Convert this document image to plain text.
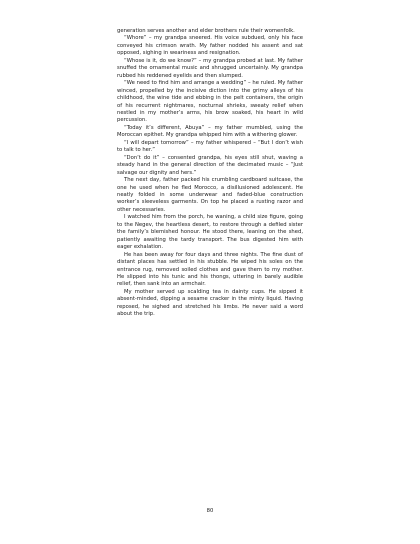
generation serves another and elder brothers rule their womenfolk.

“Whore” – my grandpa sneered. His voice subdued, only his face conveyed his crimson wrath. My father nodded his assent and sat opposed, sighing in weariness and resignation.

“Whose is it, do we know?” – my grandpa probed at last. My father snuffed the ornamental music and shrugged uncertainly. My grandpa rubbed his reddened eyelids and then slumped.

“We need to find him and arrange a wedding” – he ruled. My father winced, propelled by the incisive diction into the grimy alleys of his childhood, the wine tide and ebbing in the pelt containers, the origin of his recurrent nightmares, nocturnal shrieks, sweaty relief when nestled in my mother’s arms, his brow soaked, his heart in wild percussion.

“Today it’s different, Abuya” – my father mumbled, using the Moroccan epithet. My grandpa whipped him with a withering glower.

“I will depart tomorrow” – my father whispered – “But I don’t wish to talk to her.”

“Don’t do it” – consented grandpa, his eyes still shut, waving a steady hand in the general direction of the decimated music – “Just salvage our dignity and hers.”

The next day, father packed his crumbling cardboard suitcase, the one he used when he fled Morocco, a disillusioned adolescent. He neatly folded in some underwear and faded-blue construction worker’s sleeveless garments. On top he placed a rusting razor and other necessaries.

I watched him from the porch, he waning, a child size figure, going to the Negev, the heartless desert, to restore through a defiled sister the family’s blemished honour. He stood there, leaning on the shed, patiently awaiting the tardy transport. The bus digested him with eager exhalation.

He has been away for four days and three nights. The fine dust of distant places has settled in his stubble. He wiped his soles on the entrance rug, removed soiled clothes and gave them to my mother. He slipped into his tunic and his thongs, uttering in barely audible relief, then sank into an armchair.

My mother served up scalding tea in dainty cups. He sipped it absent-minded, dipping a sesame cracker in the minty liquid. Having reposed, he sighed and stretched his limbs. He never said a word about the trip.

80
